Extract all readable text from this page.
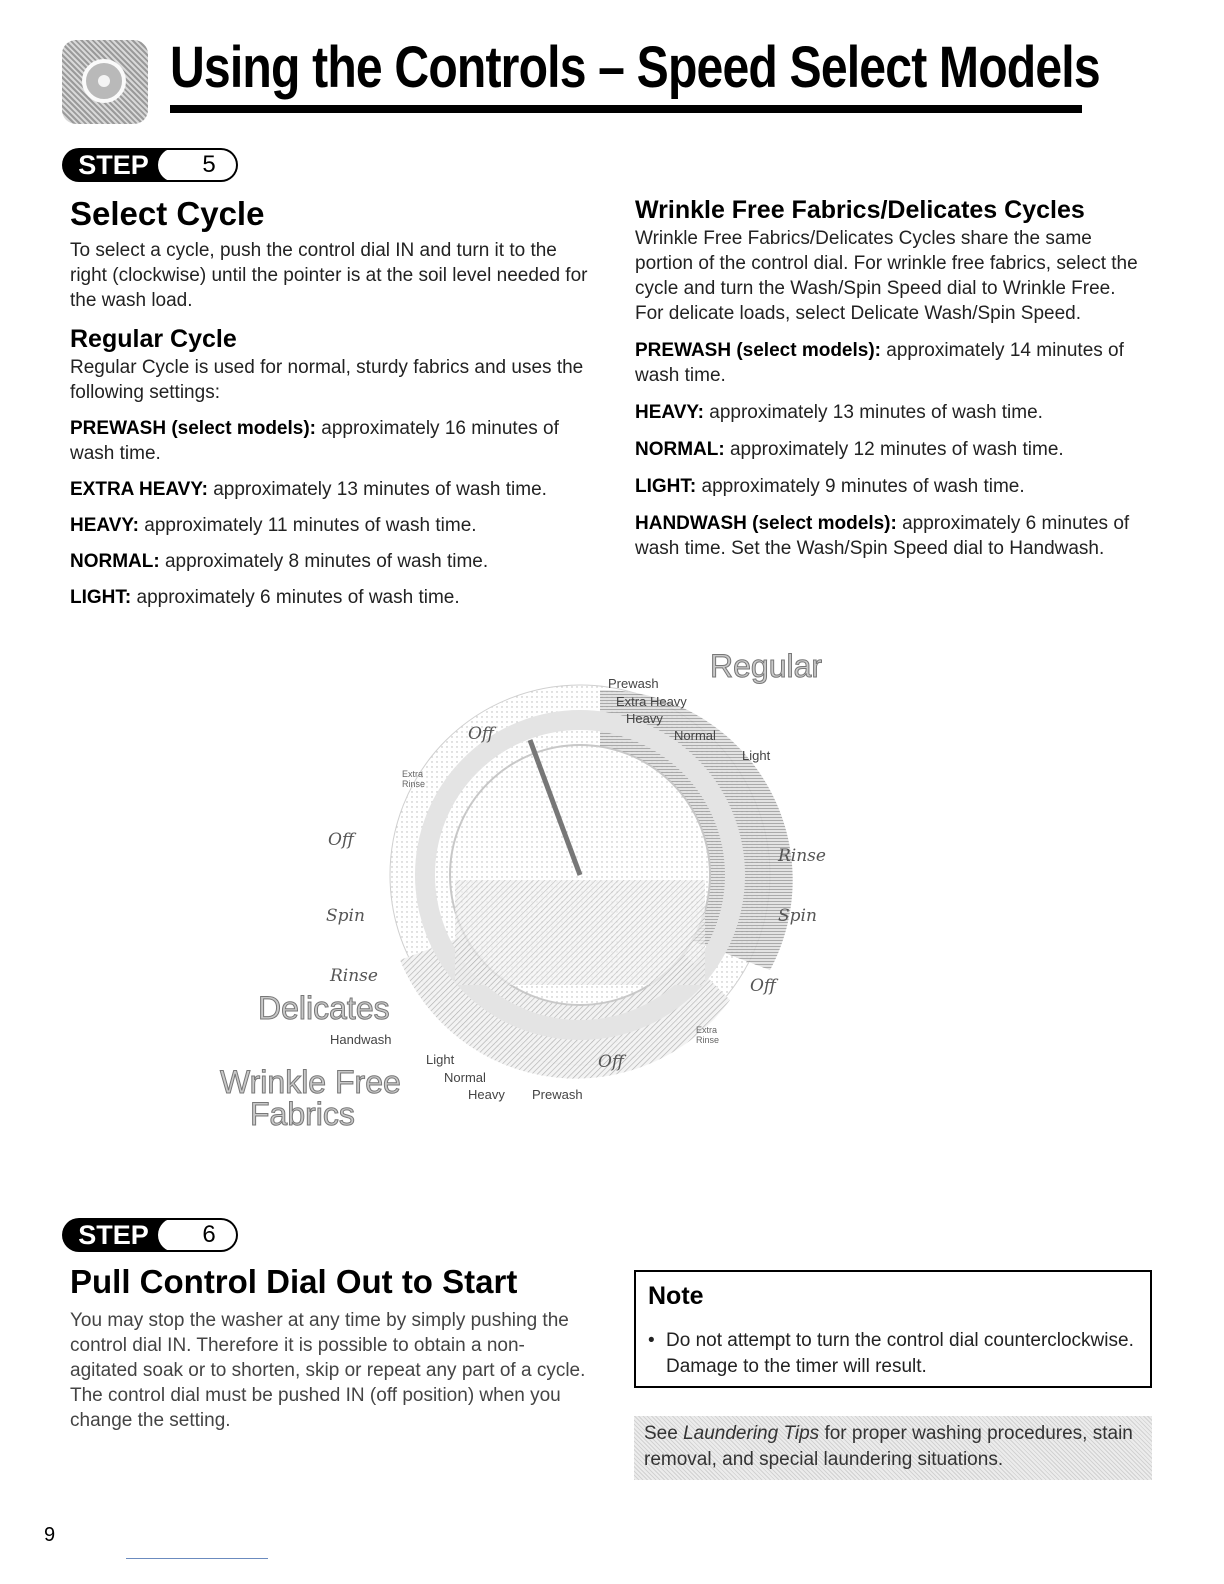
Using the Controls – Speed Select Models
STEP	5
Select Cycle

To select a cycle, push the control dial IN and turn it to the right (clockwise) until the pointer is at the soil level needed for the wash load.

Regular Cycle

Regular Cycle is used for normal, sturdy fabrics and uses the following settings:

PREWASH (select models): approximately 16 minutes of wash time.

EXTRA HEAVY: approximately 13 minutes of wash time.

HEAVY: approximately 11 minutes of wash time.

NORMAL: approximately 8 minutes of wash time.

LIGHT: approximately 6 minutes of wash time.

Wrinkle Free Fabrics/Delicates Cycles

Wrinkle Free Fabrics/Delicates Cycles share the same portion of the control dial. For wrinkle free fabrics, select the cycle and turn the Wash/Spin Speed dial to Wrinkle Free. For delicate loads, select Delicate Wash/Spin Speed.

PREWASH (select models): approximately 14 minutes of wash time.

HEAVY: approximately 13 minutes of wash time.

NORMAL: approximately 12 minutes of wash time.

LIGHT: approximately 9 minutes of wash time.

HANDWASH (select models): approximately 6 minutes of wash time. Set the Wash/Spin Speed dial to Handwash.

Regular
Prewash
Extra Heavy
Heavy
Normal
Light
Off
Extra
Rinse
Off
Spin
Rinse
Delicates
Handwash
Light
Normal
Heavy Prewash
Off
Wrinkle Free
Fabrics
Rinse
Spin
Off
Extra
Rinse
STEP	6
Pull Control Dial Out to Start

You may stop the washer at any time by simply pushing the control dial IN. Therefore it is possible to obtain a non-agitated soak or to shorten, skip or repeat any part of a cycle. The control dial must be pushed IN (off position) when you change the setting.

Note
• Do not attempt to turn the control dial counterclockwise. Damage to the timer will result.
See Laundering Tips for proper washing procedures, stain removal, and special laundering situations.
9
